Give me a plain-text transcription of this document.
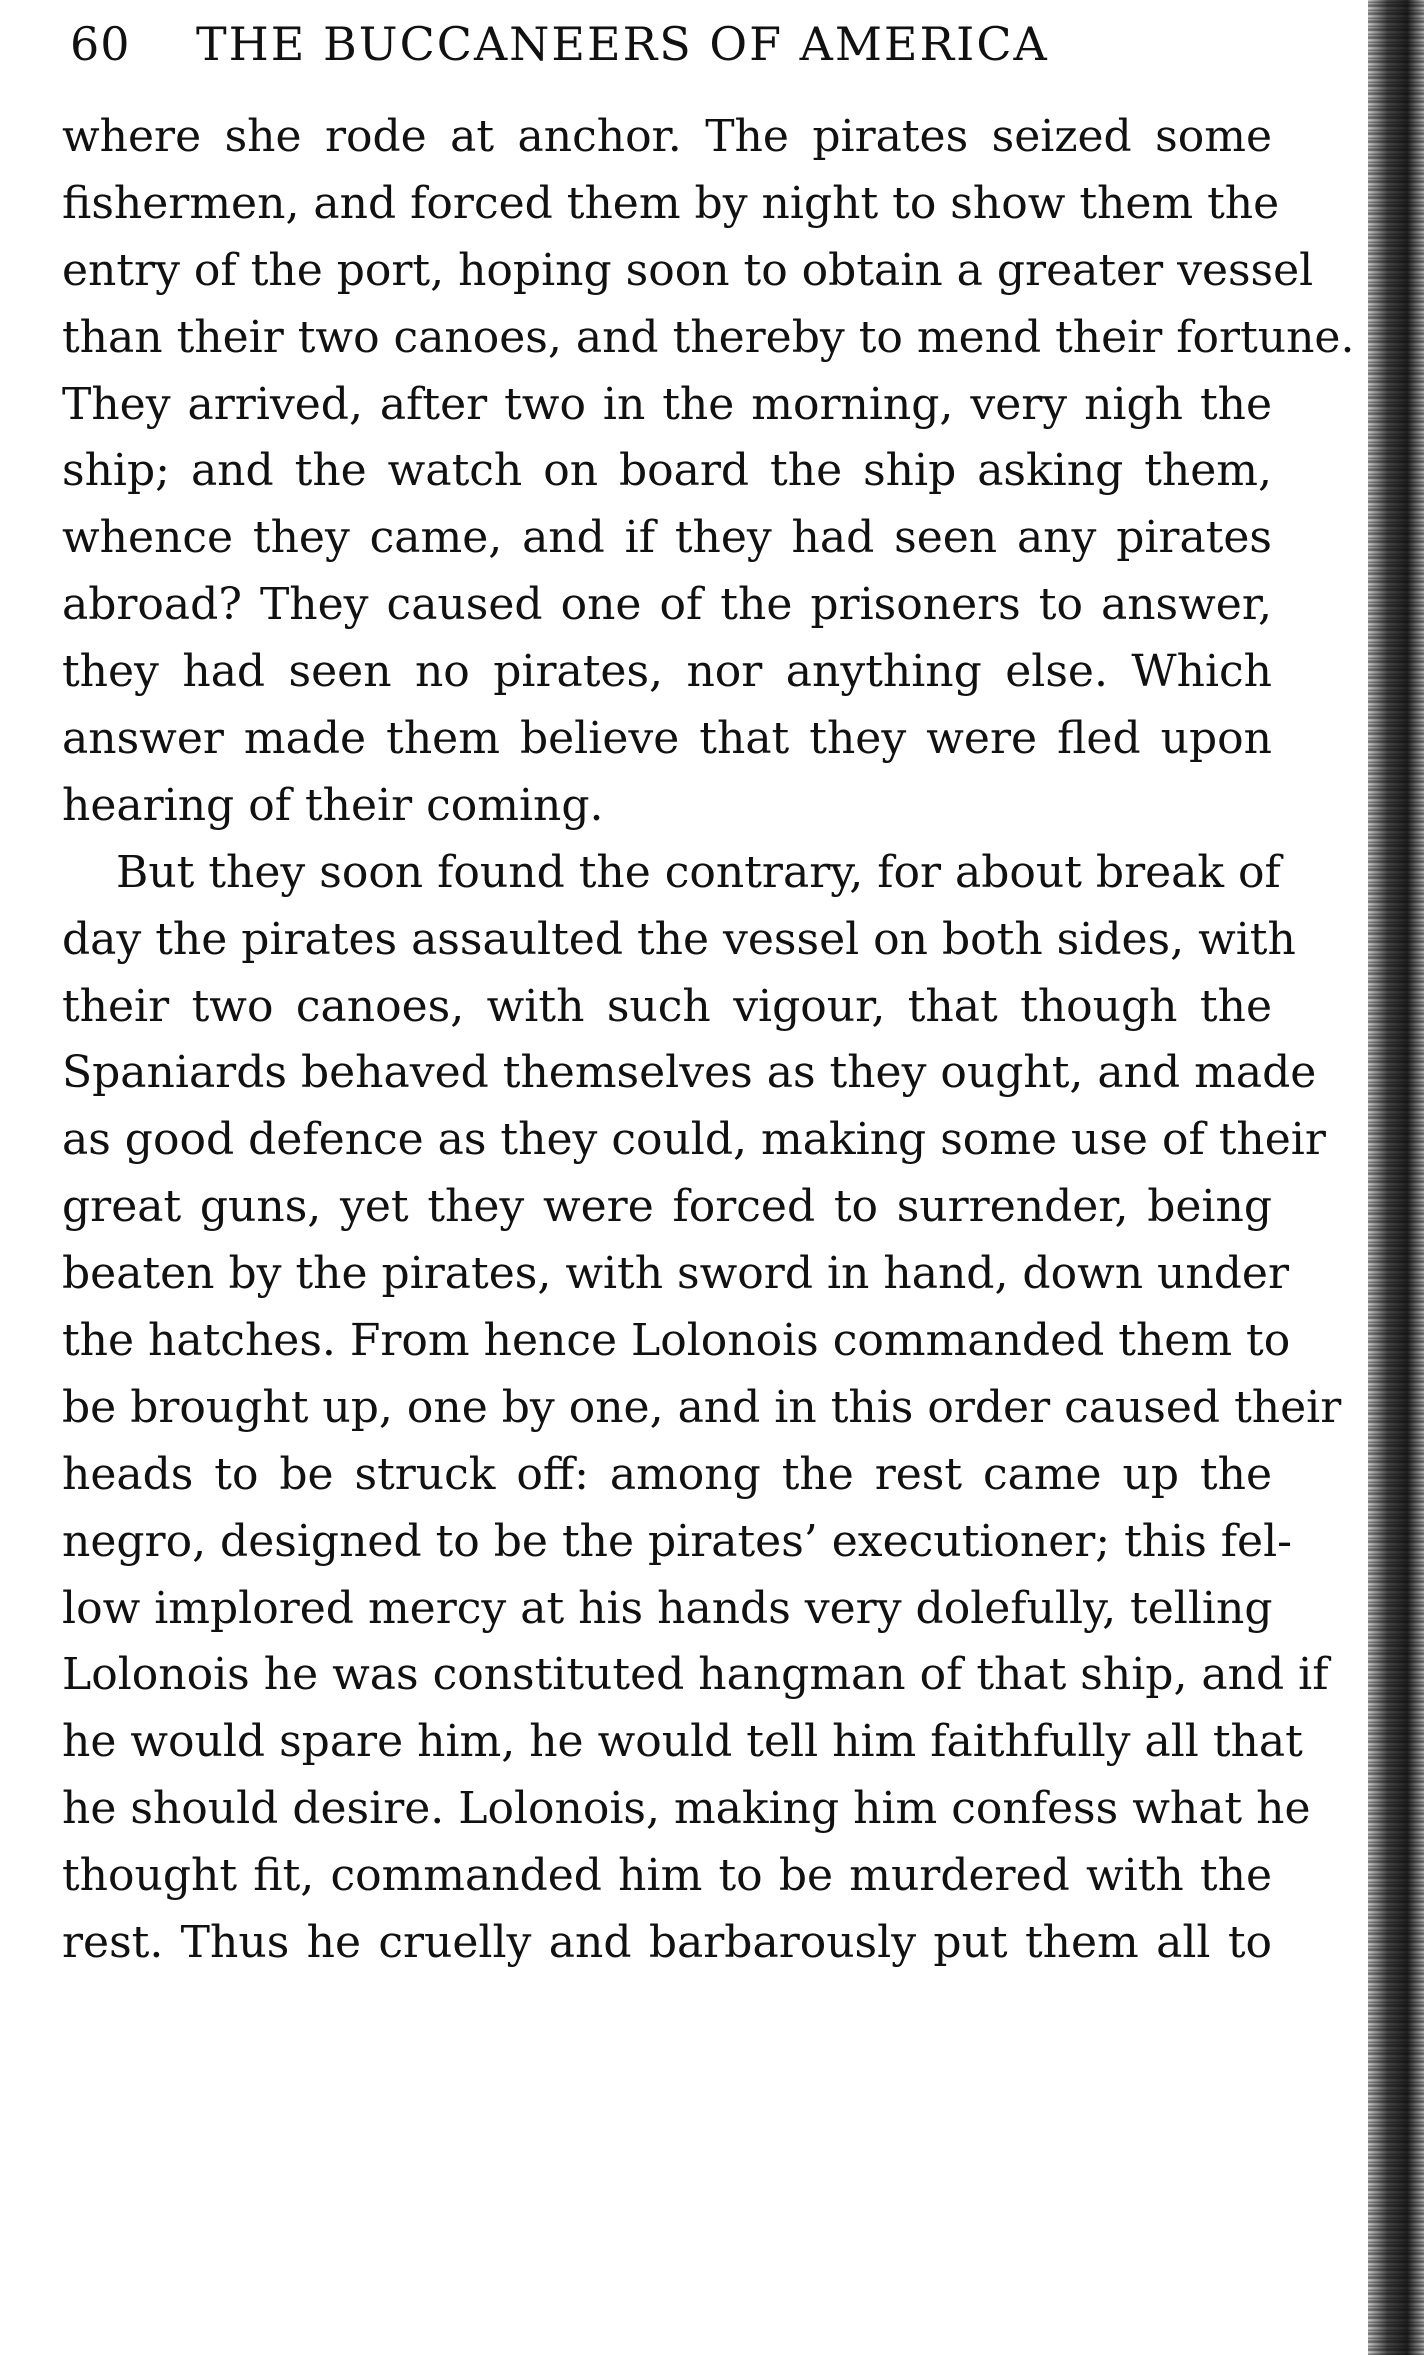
60 THE BUCCANEERS OF AMERICA
where she rode at anchor. The pirates seized some
fishermen, and forced them by night to show them the
entry of the port, hoping soon to obtain a greater vessel
than their two canoes, and thereby to mend their fortune.
They arrived, after two in the morning, very nigh the
ship; and the watch on board the ship asking them,
whence they came, and if they had seen any pirates
abroad? They caused one of the prisoners to answer,
they had seen no pirates, nor anything else. Which
answer made them believe that they were fled upon
hearing of their coming.
But they soon found the contrary, for about break of
day the pirates assaulted the vessel on both sides, with
their two canoes, with such vigour, that though the
Spaniards behaved themselves as they ought, and made
as good defence as they could, making some use of their
great guns, yet they were forced to surrender, being
beaten by the pirates, with sword in hand, down under
the hatches. From hence Lolonois commanded them to
be brought up, one by one, and in this order caused their
heads to be struck off: among the rest came up the
negro, designed to be the pirates’ executioner; this fel-
low implored mercy at his hands very dolefully, telling
Lolonois he was constituted hangman of that ship, and if
he would spare him, he would tell him faithfully all that
he should desire. Lolonois, making him confess what he
thought fit, commanded him to be murdered with the
rest. Thus he cruelly and barbarously put them all to
